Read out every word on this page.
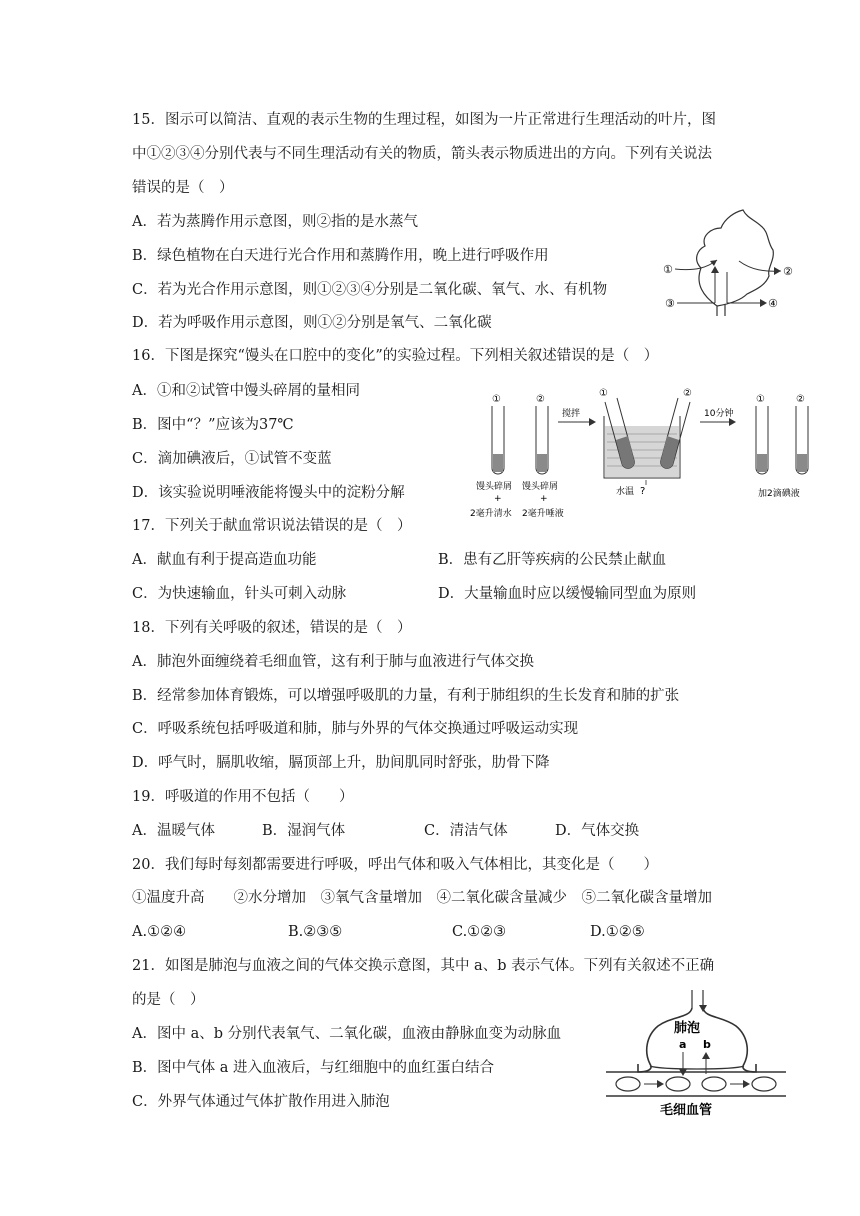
15．图示可以简洁、直观的表示生物的生理过程，如图为一片正常进行生理活动的叶片，图
中①②③④分别代表与不同生理活动有关的物质，箭头表示物质进出的方向。下列有关说法
错误的是（　）
A．若为蒸腾作用示意图，则②指的是水蒸气
B．绿色植物在白天进行光合作用和蒸腾作用，晚上进行呼吸作用
C．若为光合作用示意图，则①②③④分别是二氧化碳、氧气、水、有机物
D．若为呼吸作用示意图，则①②分别是氧气、二氧化碳
①	②
③	④
16．下图是探究“馒头在口腔中的变化”的实验过程。下列相关叙述错误的是（　）
A．①和②试管中馒头碎屑的量相同
B．图中“？”应该为37℃
C．滴加碘液后，①试管不变蓝
D．该实验说明唾液能将馒头中的淀粉分解
①	②
馒头碎屑 馒头碎屑
+	+
2毫升清水 2毫升唾液
搅拌
①	②
水温 ?
10分钟
①	②
加2滴碘液
17．下列关于献血常识说法错误的是（　）
A．献血有利于提高造血功能	B．患有乙肝等疾病的公民禁止献血
C．为快速输血，针头可刺入动脉	D．大量输血时应以缓慢输同型血为原则
18．下列有关呼吸的叙述，错误的是（　）
A．肺泡外面缠绕着毛细血管，这有利于肺与血液进行气体交换
B．经常参加体育锻炼，可以增强呼吸肌的力量，有利于肺组织的生长发育和肺的扩张
C．呼吸系统包括呼吸道和肺，肺与外界的气体交换通过呼吸运动实现
D．呼气时，膈肌收缩，膈顶部上升，肋间肌同时舒张，肋骨下降
19．呼吸道的作用不包括（　　）
A．温暖气体	B．湿润气体	C．清洁气体	D．气体交换
20．我们每时每刻都需要进行呼吸，呼出气体和吸入气体相比，其变化是（　　）
①温度升高　　②水分增加　③氧气含量增加　④二氧化碳含量减少　⑤二氧化碳含量增加
A.①②④	B.②③⑤	C.①②③	D.①②⑤
21．如图是肺泡与血液之间的气体交换示意图，其中 a、b 表示气体。下列有关叙述不正确
的是（　）
A．图中 a、b 分别代表氧气、二氧化碳，血液由静脉血变为动脉血
B．图中气体 a 进入血液后，与红细胞中的血红蛋白结合
C．外界气体通过气体扩散作用进入肺泡
肺泡
a b
毛细血管
